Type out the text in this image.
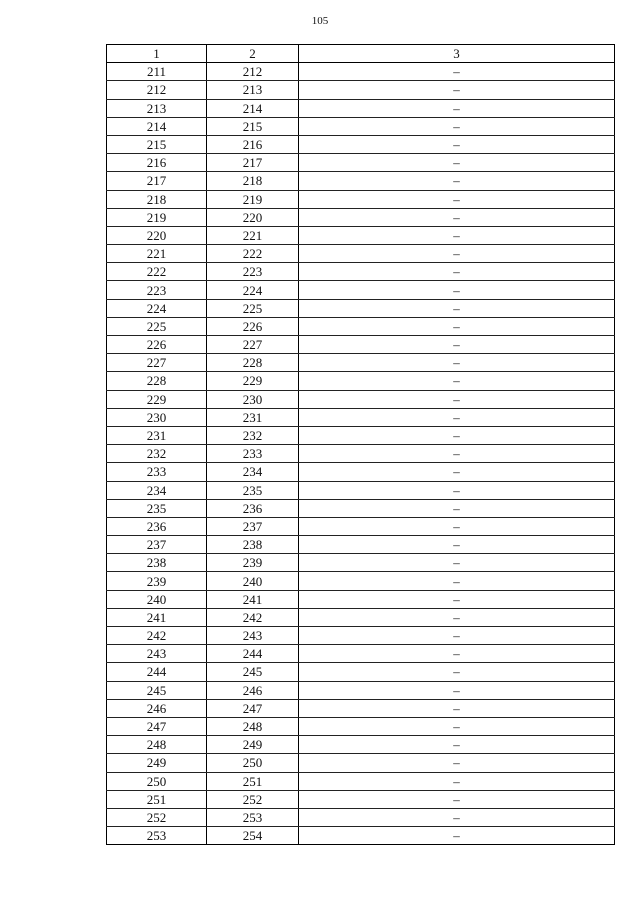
105
1	2	3
211	212	–
212	213	–
213	214	–
214	215	–
215	216	–
216	217	–
217	218	–
218	219	–
219	220	–
220	221	–
221	222	–
222	223	–
223	224	–
224	225	–
225	226	–
226	227	–
227	228	–
228	229	–
229	230	–
230	231	–
231	232	–
232	233	–
233	234	–
234	235	–
235	236	–
236	237	–
237	238	–
238	239	–
239	240	–
240	241	–
241	242	–
242	243	–
243	244	–
244	245	–
245	246	–
246	247	–
247	248	–
248	249	–
249	250	–
250	251	–
251	252	–
252	253	–
253	254	–
